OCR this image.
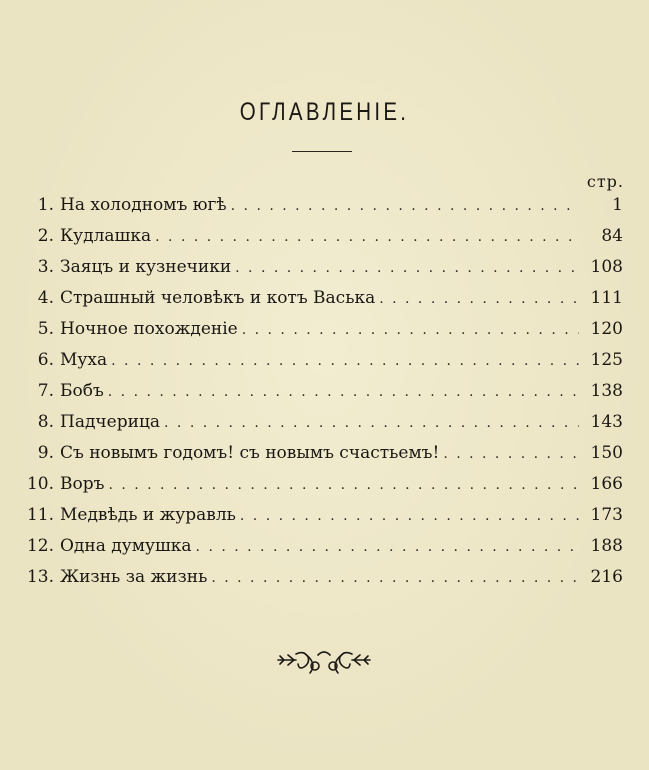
ОГЛАВЛЕНІЕ.
стр.
1. На холодномъ югѣ . . .	1
2. Кудлашка . . .	84
3. Заяцъ и кузнечики . . .	108
4. Страшный человѣкъ и котъ Васька . . .	111
5. Ночное похожденіе . . .	120
6. Муха . . .	125
7. Бобъ . . .	138
8. Падчерица . . .	143
9. Съ новымъ годомъ! съ новымъ счастьемъ! . . .	150
10. Воръ . . .	166
11. Медвѣдь и журавль . . .	173
12. Одна думушка . . .	188
13. Жизнь за жизнь . . .	216
